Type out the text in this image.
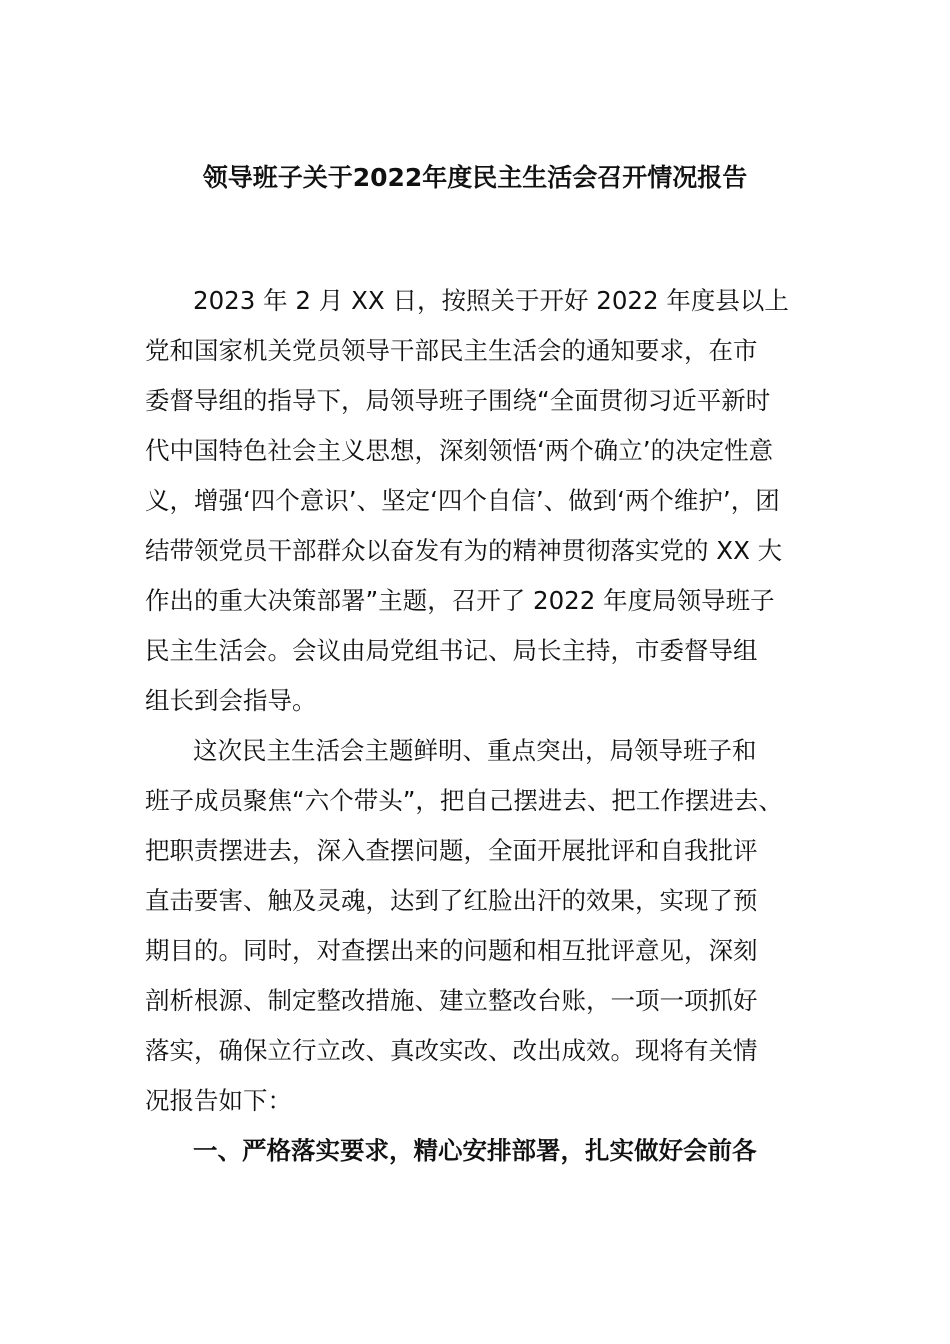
领导班子关于2022年度民主生活会召开情况报告
2023 年 2 月 XX 日，按照关于开好 2022 年度县以上
党和国家机关党员领导干部民主生活会的通知要求，在市
委督导组的指导下，局领导班子围绕“全面贯彻习近平新时
代中国特色社会主义思想，深刻领悟‘两个确立’的决定性意
义，增强‘四个意识’、坚定‘四个自信’、做到‘两个维护’，团
结带领党员干部群众以奋发有为的精神贯彻落实党的 XX 大
作出的重大决策部署”主题，召开了 2022 年度局领导班子
民主生活会。会议由局党组书记、局长主持，市委督导组
组长到会指导。
这次民主生活会主题鲜明、重点突出，局领导班子和
班子成员聚焦“六个带头”，把自己摆进去、把工作摆进去、
把职责摆进去，深入查摆问题，全面开展批评和自我批评
直击要害、触及灵魂，达到了红脸出汗的效果，实现了预
期目的。同时，对查摆出来的问题和相互批评意见，深刻
剖析根源、制定整改措施、建立整改台账，一项一项抓好
落实，确保立行立改、真改实改、改出成效。现将有关情
况报告如下：
一、严格落实要求，精心安排部署，扎实做好会前各
